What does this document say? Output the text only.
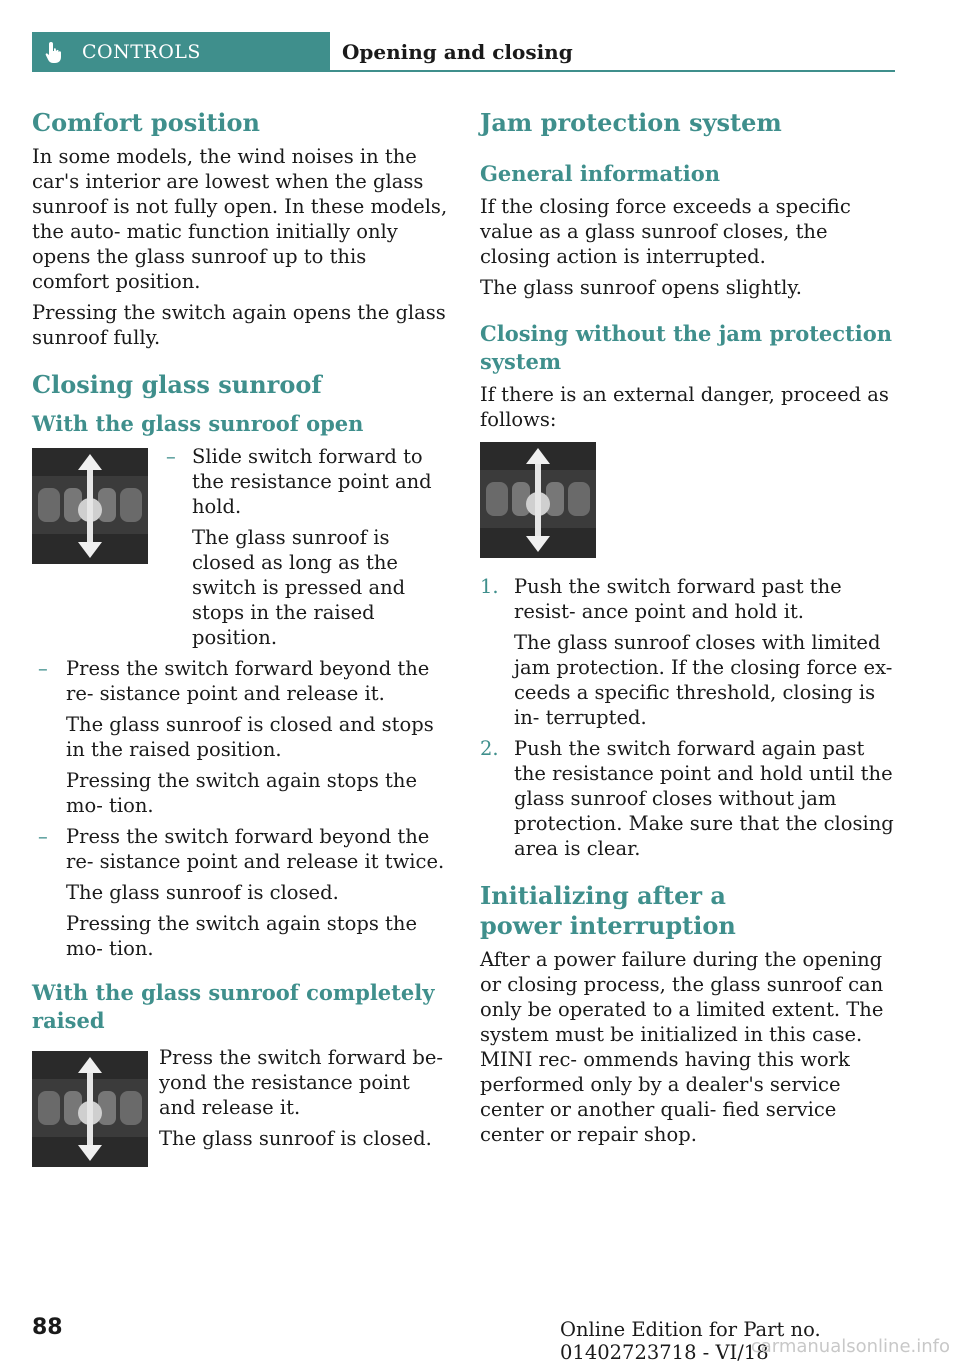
CONTROLS	Opening and closing
Comfort position

In some models, the wind noises in the car's interior are lowest when the glass sunroof is not fully open. In these models, the auto- matic function initially only opens the glass sunroof up to this comfort position.

Pressing the switch again opens the glass sunroof fully.

Closing glass sunroof
With the glass sunroof open
– Slide switch forward to the resistance point and hold.

The glass sunroof is closed as long as the switch is pressed and stops in the raised position.

– Press the switch forward beyond the re- sistance point and release it.

The glass sunroof is closed and stops in the raised position.

Pressing the switch again stops the mo- tion.

– Press the switch forward beyond the re- sistance point and release it twice.

The glass sunroof is closed.

Pressing the switch again stops the mo- tion.

With the glass sunroof completely raised

Press the switch forward be- yond the resistance point and release it.

The glass sunroof is closed.

Jam protection system
General information

If the closing force exceeds a specific value as a glass sunroof closes, the closing action is interrupted.

The glass sunroof opens slightly.

Closing without the jam protection system

If there is an external danger, proceed as follows:

1. Push the switch forward past the resist- ance point and hold it.

The glass sunroof closes with limited jam protection. If the closing force ex- ceeds a specific threshold, closing is in- terrupted.

2. Push the switch forward again past the resistance point and hold until the glass sunroof closes without jam protection. Make sure that the closing area is clear.

Initializing after a power interruption

After a power failure during the opening or closing process, the glass sunroof can only be operated to a limited extent. The system must be initialized in this case. MINI rec- ommends having this work performed only by a dealer's service center or another quali- fied service center or repair shop.

88	Online Edition for Part no. 01402723718 - VI/18
carmanualsonline.info
